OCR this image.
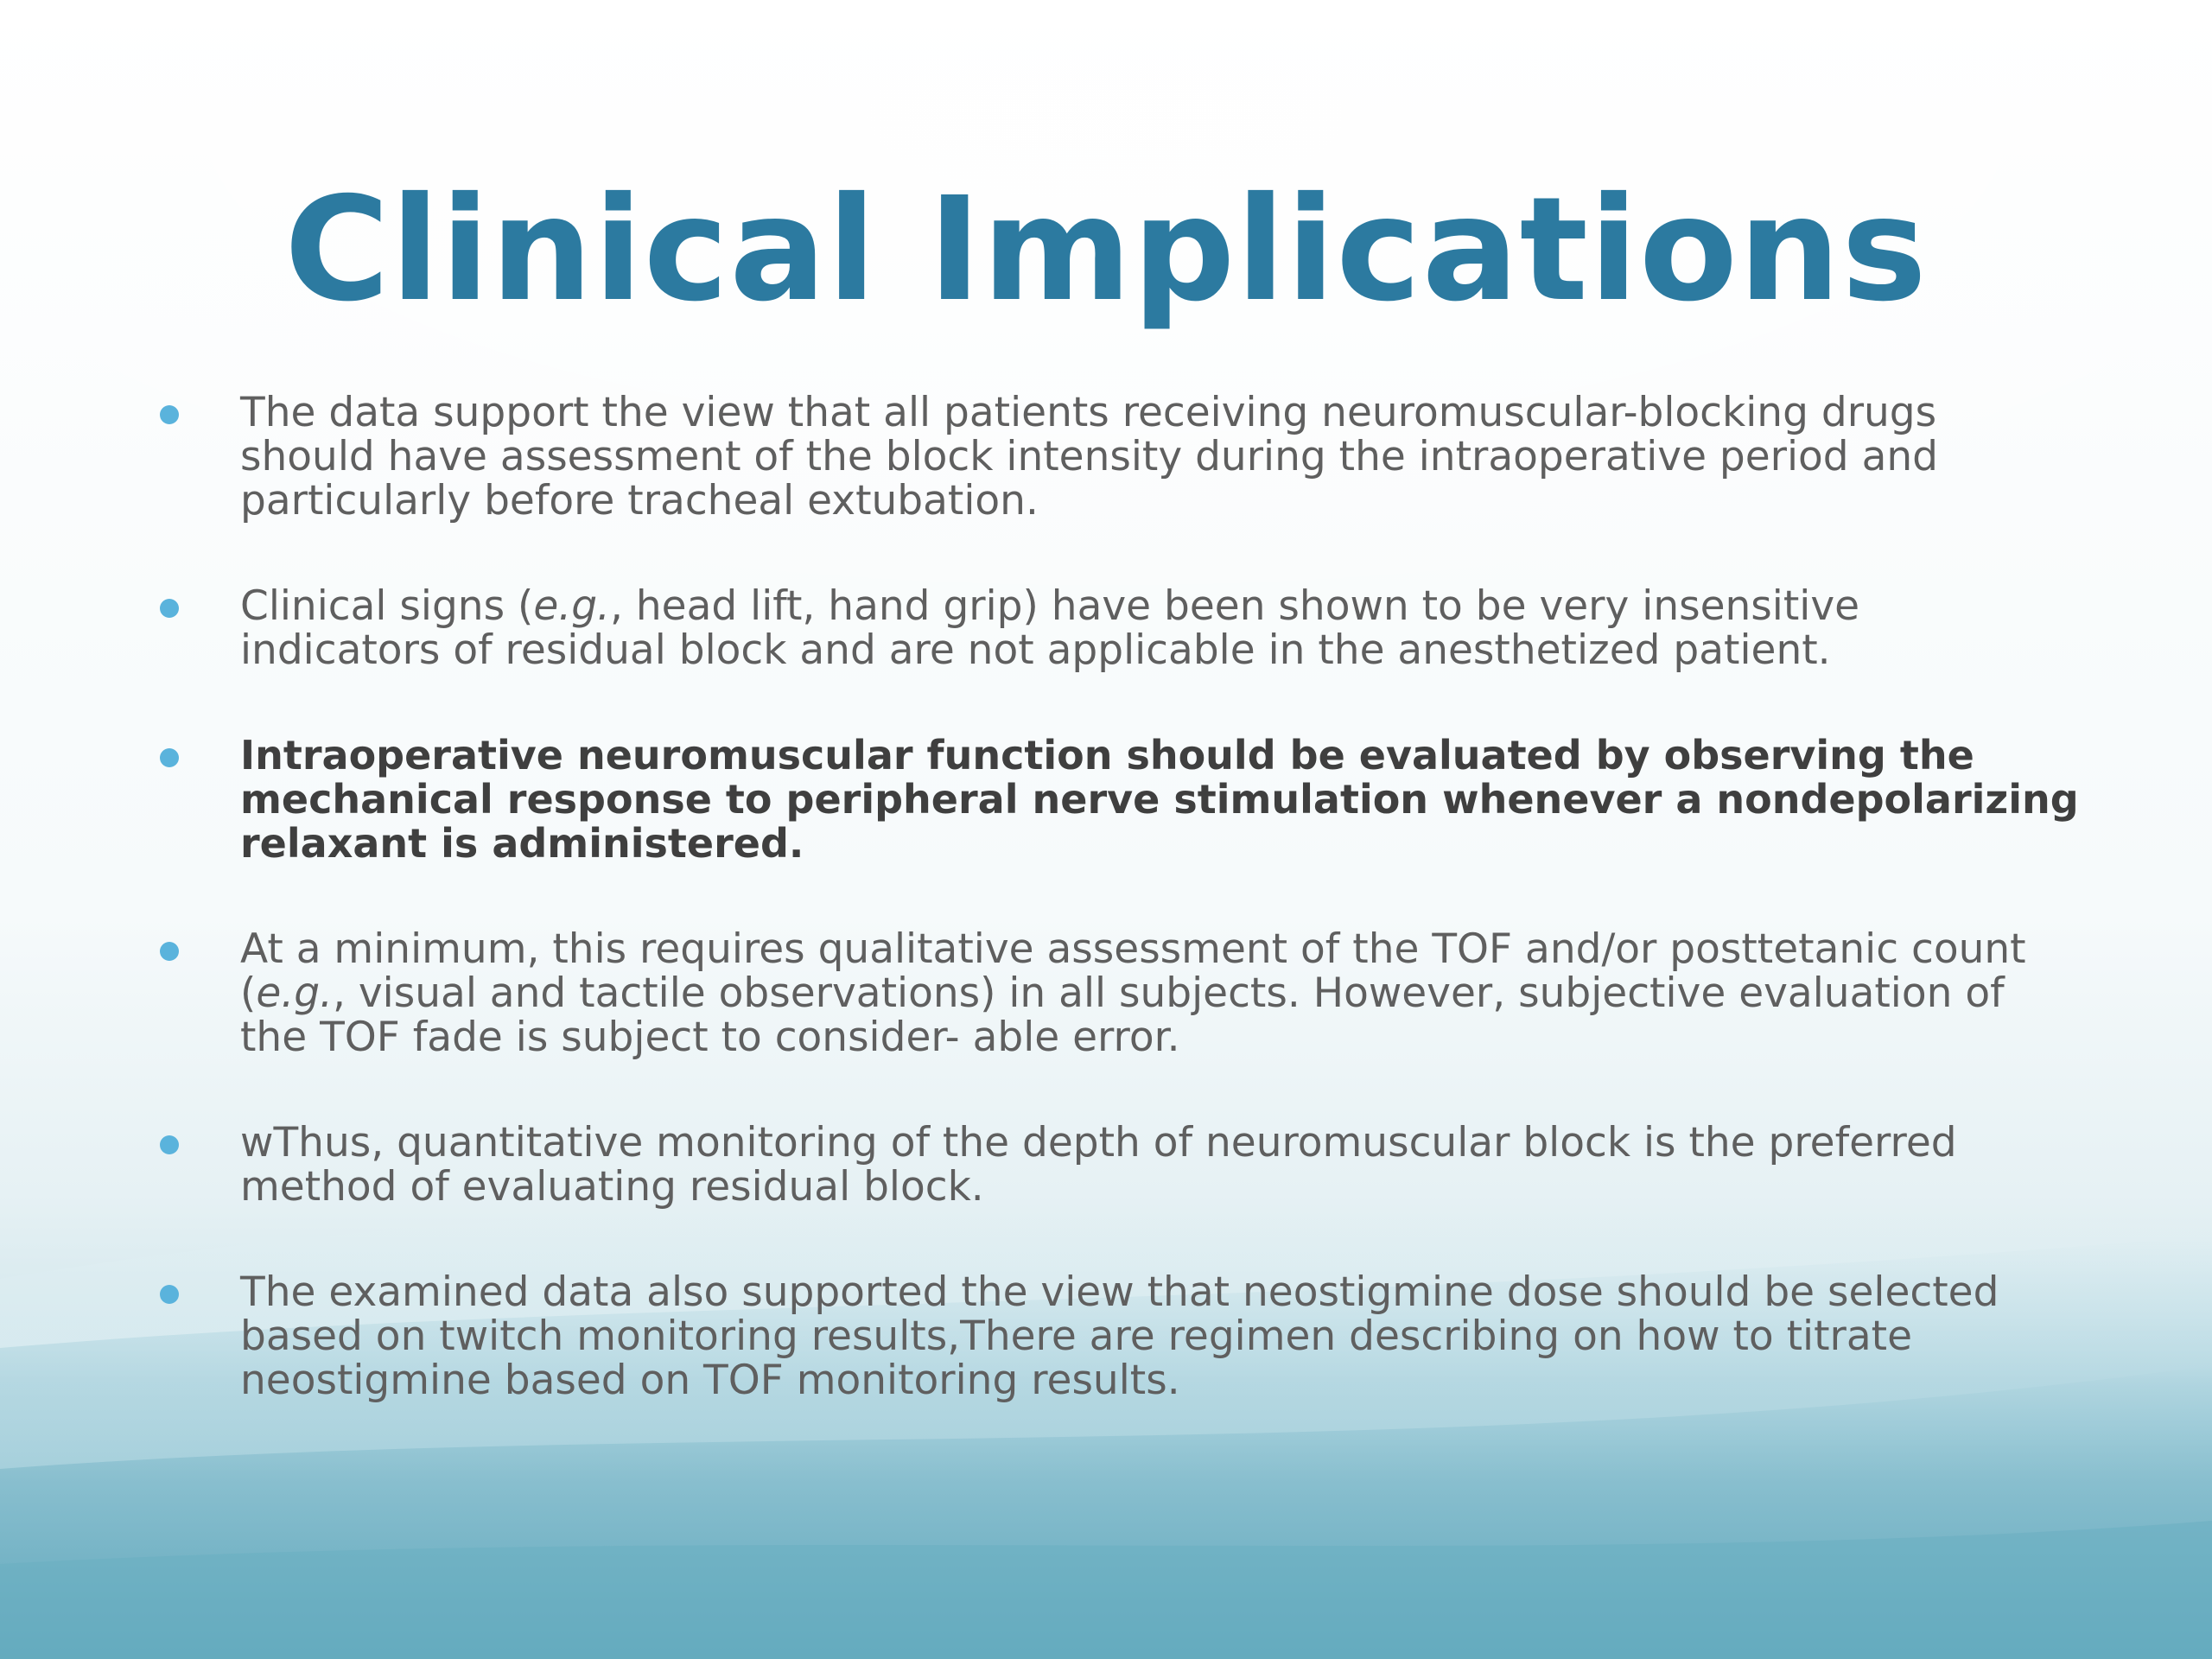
Clinical Implications
The data support the view that all patients receiving neuromuscular-blocking drugs should have assessment of the block intensity during the intraoperative period and particularly before tracheal extubation.
Clinical signs (e.g., head lift, hand grip) have been shown to be very insensitive indicators of residual block and are not applicable in the anesthetized patient.
Intraoperative neuromuscular function should be evaluated by observing the mechanical response to peripheral nerve stimulation whenever a nondepolarizing relaxant is administered.
At a minimum, this requires qualitative assessment of the TOF and/or posttetanic count (e.g., visual and tactile observations) in all subjects. However, subjective evaluation of the TOF fade is subject to consider- able error.
wThus, quantitative monitoring of the depth of neuromuscular block is the preferred method of evaluating residual block.
The examined data also supported the view that neostigmine dose should be selected based on twitch monitoring results,There are regimen describing on how to titrate neostigmine based on TOF monitoring results.
